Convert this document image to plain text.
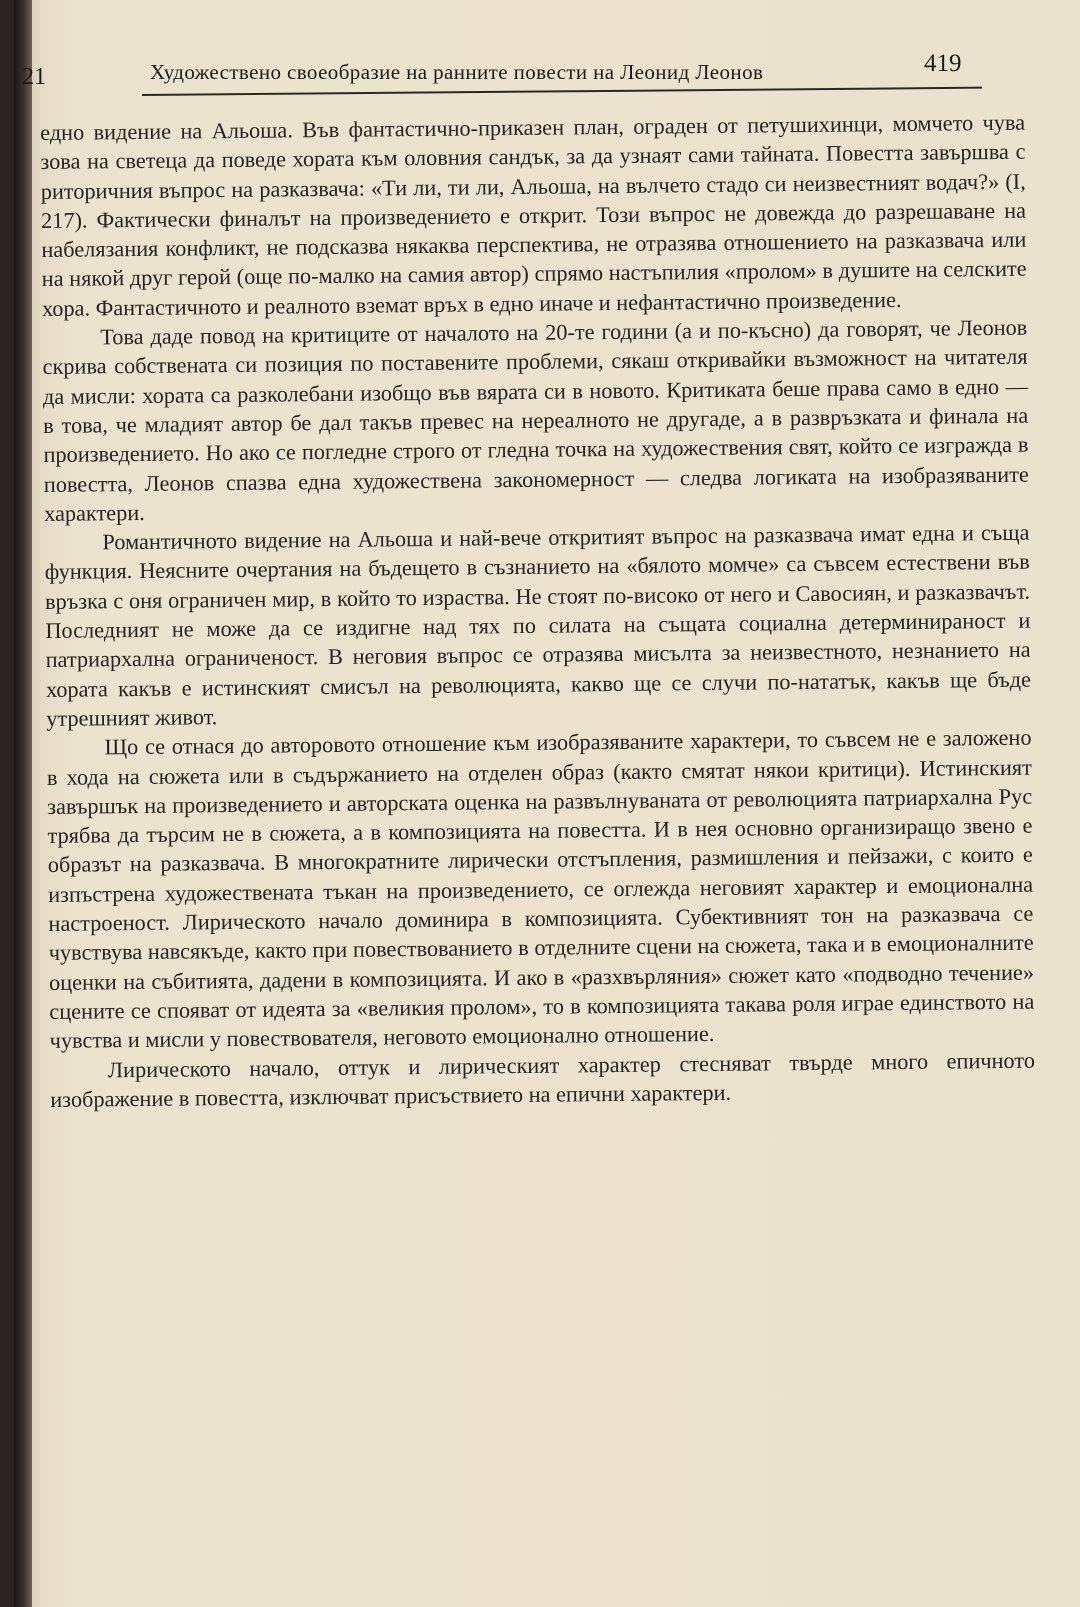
21	Художествено своеобразие на ранните повести на Леонид Леонов	419

едно видение на Альоша. Във фантастично-приказен план, ограден от петушихинци, момчето чува зова на светеца да поведе хората към оловния сандък, за да узнаят сами тайната. Повестта завършва с риторичния въпрос на разказвача: «Ти ли, ти ли, Альоша, на вълчето стадо си неизвестният водач?» (I, 217). Фактически финалът на произведението е открит. Този въпрос не довежда до разрешаване на набелязания конфликт, не подсказва някаква перспектива, не отразява отношението на разказвача или на някой друг герой (още по-малко на самия автор) спрямо настъпилия «пролом» в душите на селските хора. Фантастичното и реалното вземат връх в едно иначе и нефантастично произведение.

Това даде повод на критиците от началото на 20-те години (а и по-късно) да говорят, че Леонов скрива собствената си позиция по поставените проблеми, сякаш откривайки възможност на читателя да мисли: хората са разколебани изобщо във вярата си в новото. Критиката беше права само в едно — в това, че младият автор бе дал такъв превес на нереалното не другаде, а в развръзката и финала на произведението. Но ако се погледне строго от гледна точка на художествения свят, който се изгражда в повестта, Леонов спазва една художествена закономерност — следва логиката на изобразяваните характери.

Романтичното видение на Альоша и най-вече откритият въпрос на разказвача имат една и съща функция. Неясните очертания на бъдещето в съзнанието на «бялото момче» са съвсем естествени във връзка с оня ограничен мир, в който то израства. Не стоят по-високо от него и Савосиян, и разказвачът. Последният не може да се издигне над тях по силата на същата социална детерминираност и патриархална ограниченост. В неговия въпрос се отразява мисълта за неизвестното, незнанието на хората какъв е истинският смисъл на революцията, какво ще се случи по-нататък, какъв ще бъде утрешният живот.

Що се отнася до авторовото отношение към изобразяваните характери, то съвсем не е заложено в хода на сюжета или в съдържанието на отделен образ (както смятат някои критици). Истинският завършък на произведението и авторската оценка на развълнуваната от революцията патриархална Рус трябва да търсим не в сюжета, а в композицията на повестта. И в нея основно организиращо звено е образът на разказвача. В многократните лирически отстъпления, размишления и пейзажи, с които е изпъстрена художествената тъкан на произведението, се оглежда неговият характер и емоционална настроеност. Лирическото начало доминира в композицията. Субективният тон на разказвача се чувствува навсякъде, както при повествованието в отделните сцени на сюжета, така и в емоционалните оценки на събитията, дадени в композицията. И ако в «разхвърляния» сюжет като «подводно течение» сцените се спояват от идеята за «великия пролом», то в композицията такава роля играе единството на чувства и мисли у повествователя, неговото емоционално отношение.

Лирическото начало, оттук и лирическият характер стесняват твърде много епичното изображение в повестта, изключват присъствието на епични характери.
